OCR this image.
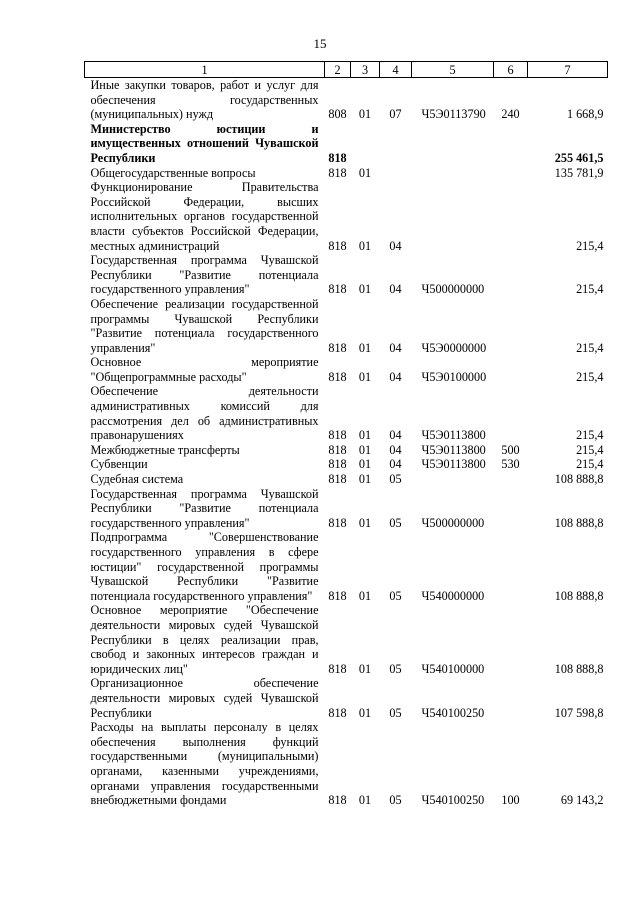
15
1	2	3	4	5	6	7
Иные закупки товаров, работ и услуг для обеспечения государственных (муниципальных) нужд	808	01	07	Ч5Э0113790	240	1 668,9
Министерство юстиции и имущественных отношений Чувашской Республики	818					255 461,5
Общегосударственные вопросы	818	01				135 781,9
Функционирование Правительства Российской Федерации, высших исполнительных органов государственной власти субъектов Российской Федерации, местных администраций	818	01	04			215,4
Государственная программа Чувашской Республики "Развитие потенциала государственного управления"	818	01	04	Ч500000000		215,4
Обеспечение реализации государственной программы Чувашской Республики "Развитие потенциала государственного управления"	818	01	04	Ч5Э0000000		215,4
Основное мероприятие "Общепрограммные расходы"	818	01	04	Ч5Э0100000		215,4
Обеспечение деятельности административных комиссий для рассмотрения дел об административных правонарушениях	818	01	04	Ч5Э0113800		215,4
Межбюджетные трансферты	818	01	04	Ч5Э0113800	500	215,4
Субвенции	818	01	04	Ч5Э0113800	530	215,4
Судебная система	818	01	05			108 888,8
Государственная программа Чувашской Республики "Развитие потенциала государственного управления"	818	01	05	Ч500000000		108 888,8
Подпрограмма "Совершенствование государственного управления в сфере юстиции" государственной программы Чувашской Республики "Развитие потенциала государственного управления"	818	01	05	Ч540000000		108 888,8
Основное мероприятие "Обеспечение деятельности мировых судей Чувашской Республики в целях реализации прав, свобод и законных интересов граждан и юридических лиц"	818	01	05	Ч540100000		108 888,8
Организационное обеспечение деятельности мировых судей Чувашской Республики	818	01	05	Ч540100250		107 598,8
Расходы на выплаты персоналу в целях обеспечения выполнения функций государственными (муниципальными) органами, казенными учреждениями, органами управления государственными внебюджетными фондами	818	01	05	Ч540100250	100	69 143,2
